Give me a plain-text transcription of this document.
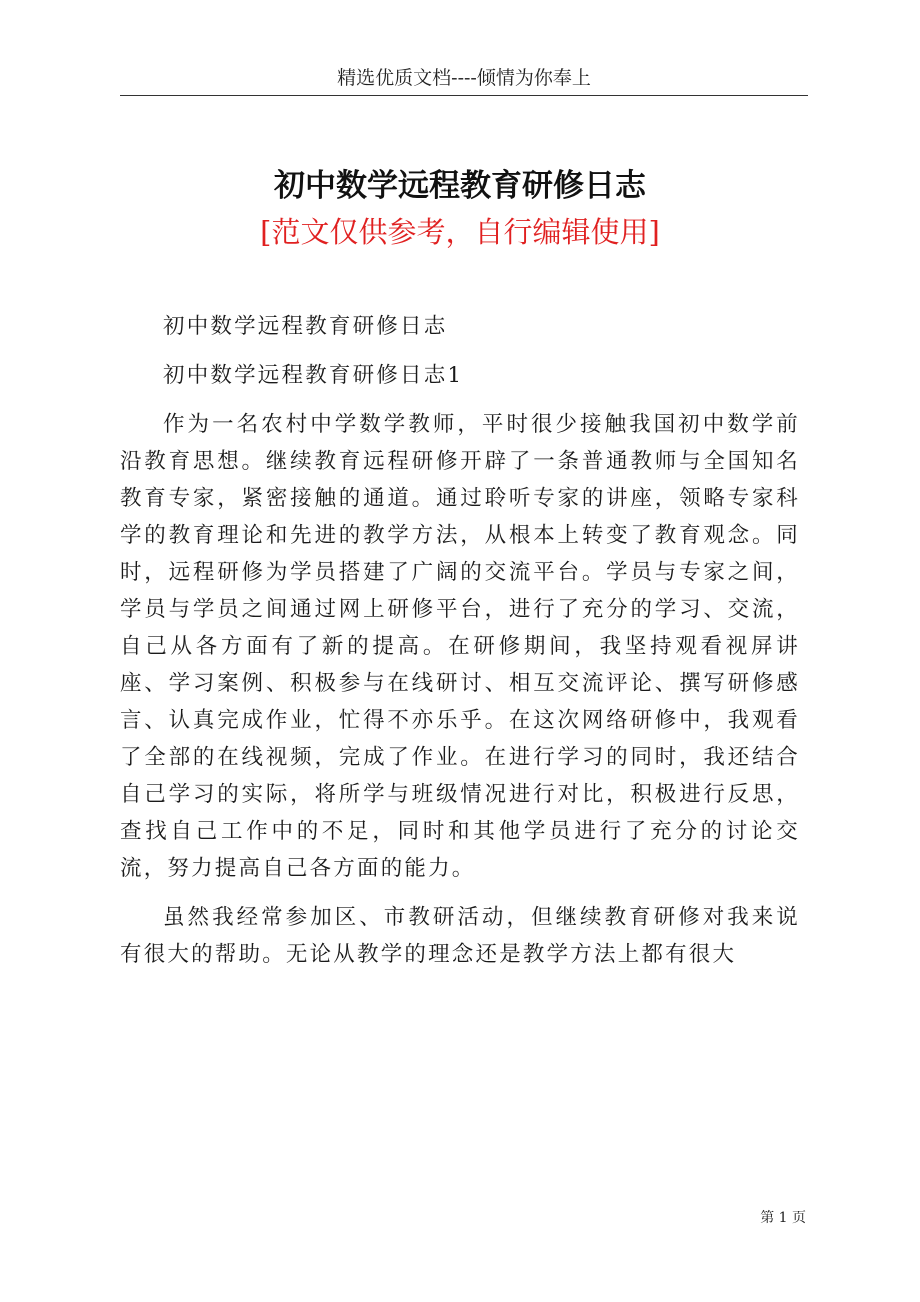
精选优质文档----倾情为你奉上
初中数学远程教育研修日志
[范文仅供参考，自行编辑使用]

初中数学远程教育研修日志

初中数学远程教育研修日志1

作为一名农村中学数学教师，平时很少接触我国初中数学前沿教育思想。继续教育远程研修开辟了一条普通教师与全国知名教育专家，紧密接触的通道。通过聆听专家的讲座，领略专家科学的教育理论和先进的教学方法，从根本上转变了教育观念。同时，远程研修为学员搭建了广阔的交流平台。学员与专家之间，学员与学员之间通过网上研修平台，进行了充分的学习、交流，自己从各方面有了新的提高。在研修期间，我坚持观看视屏讲座、学习案例、积极参与在线研讨、相互交流评论、撰写研修感言、认真完成作业，忙得不亦乐乎。在这次网络研修中，我观看了全部的在线视频，完成了作业。在进行学习的同时，我还结合自己学习的实际，将所学与班级情况进行对比，积极进行反思，查找自己工作中的不足，同时和其他学员进行了充分的讨论交流，努力提高自己各方面的能力。

虽然我经常参加区、市教研活动，但继续教育研修对我来说有很大的帮助。无论从教学的理念还是教学方法上都有很大

第 1 页
